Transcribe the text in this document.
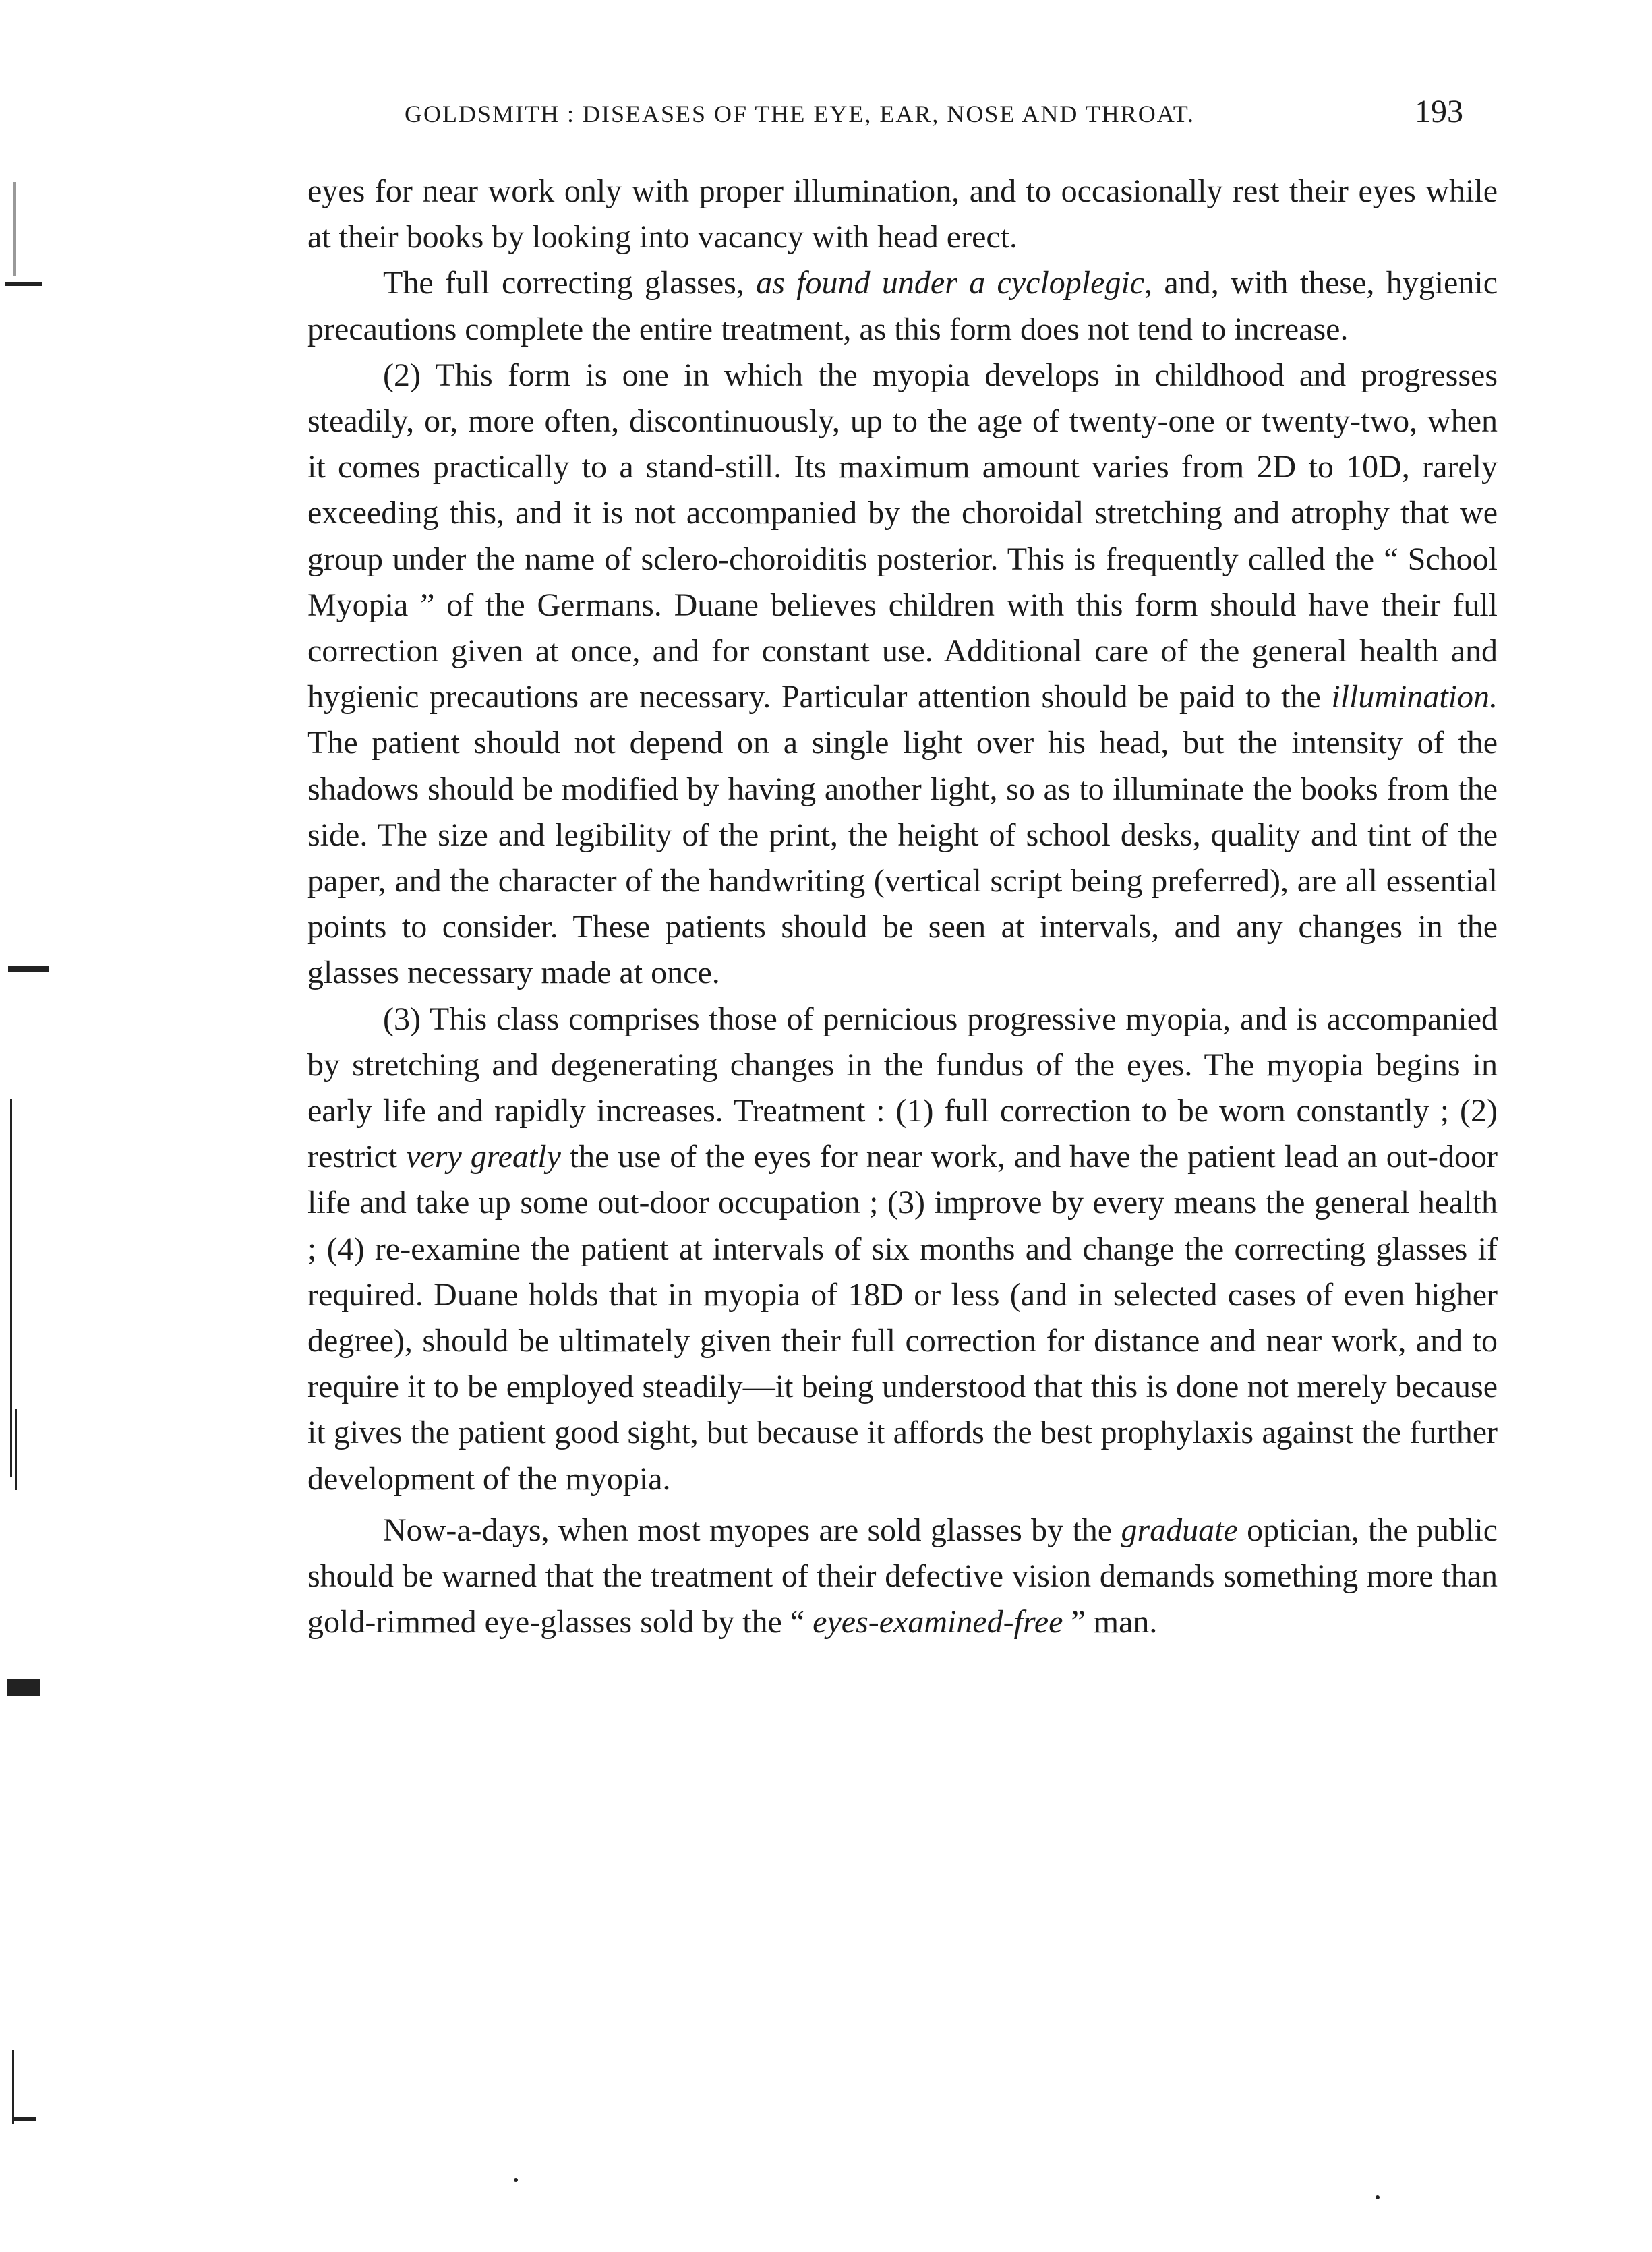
GOLDSMITH : DISEASES OF THE EYE, EAR, NOSE AND THROAT.	193

eyes for near work only with proper illumination, and to occasionally rest their eyes while at their books by looking into vacancy with head erect.

The full correcting glasses, as found under a cycloplegic, and, with these, hygienic precautions complete the entire treatment, as this form does not tend to increase.

(2) This form is one in which the myopia develops in childhood and progresses steadily, or, more often, discontinuously, up to the age of twenty-one or twenty-two, when it comes practically to a stand-still. Its maximum amount varies from 2D to 10D, rarely exceeding this, and it is not accompanied by the choroidal stretching and atrophy that we group under the name of sclero-choroiditis posterior. This is frequently called the “ School Myopia ” of the Germans. Duane believes children with this form should have their full correction given at once, and for constant use. Additional care of the general health and hygienic precautions are necessary. Particular attention should be paid to the illumination. The patient should not depend on a single light over his head, but the intensity of the shadows should be modified by having another light, so as to illuminate the books from the side. The size and legibility of the print, the height of school desks, quality and tint of the paper, and the character of the handwriting (vertical script being preferred), are all essential points to consider. These patients should be seen at intervals, and any changes in the glasses necessary made at once.

(3) This class comprises those of pernicious progressive myopia, and is accompanied by stretching and degenerating changes in the fundus of the eyes. The myopia begins in early life and rapidly increases. Treatment : (1) full correction to be worn constantly ; (2) restrict very greatly the use of the eyes for near work, and have the patient lead an out-door life and take up some out-door occupation ; (3) improve by every means the general health ; (4) re-examine the patient at intervals of six months and change the correcting glasses if required. Duane holds that in myopia of 18D or less (and in selected cases of even higher degree), should be ultimately given their full correction for distance and near work, and to require it to be employed steadily—it being understood that this is done not merely because it gives the patient good sight, but because it affords the best prophylaxis against the further development of the myopia.

Now-a-days, when most myopes are sold glasses by the graduate optician, the public should be warned that the treatment of their defective vision demands something more than gold-rimmed eye-glasses sold by the “ eyes-examined-free ” man.
